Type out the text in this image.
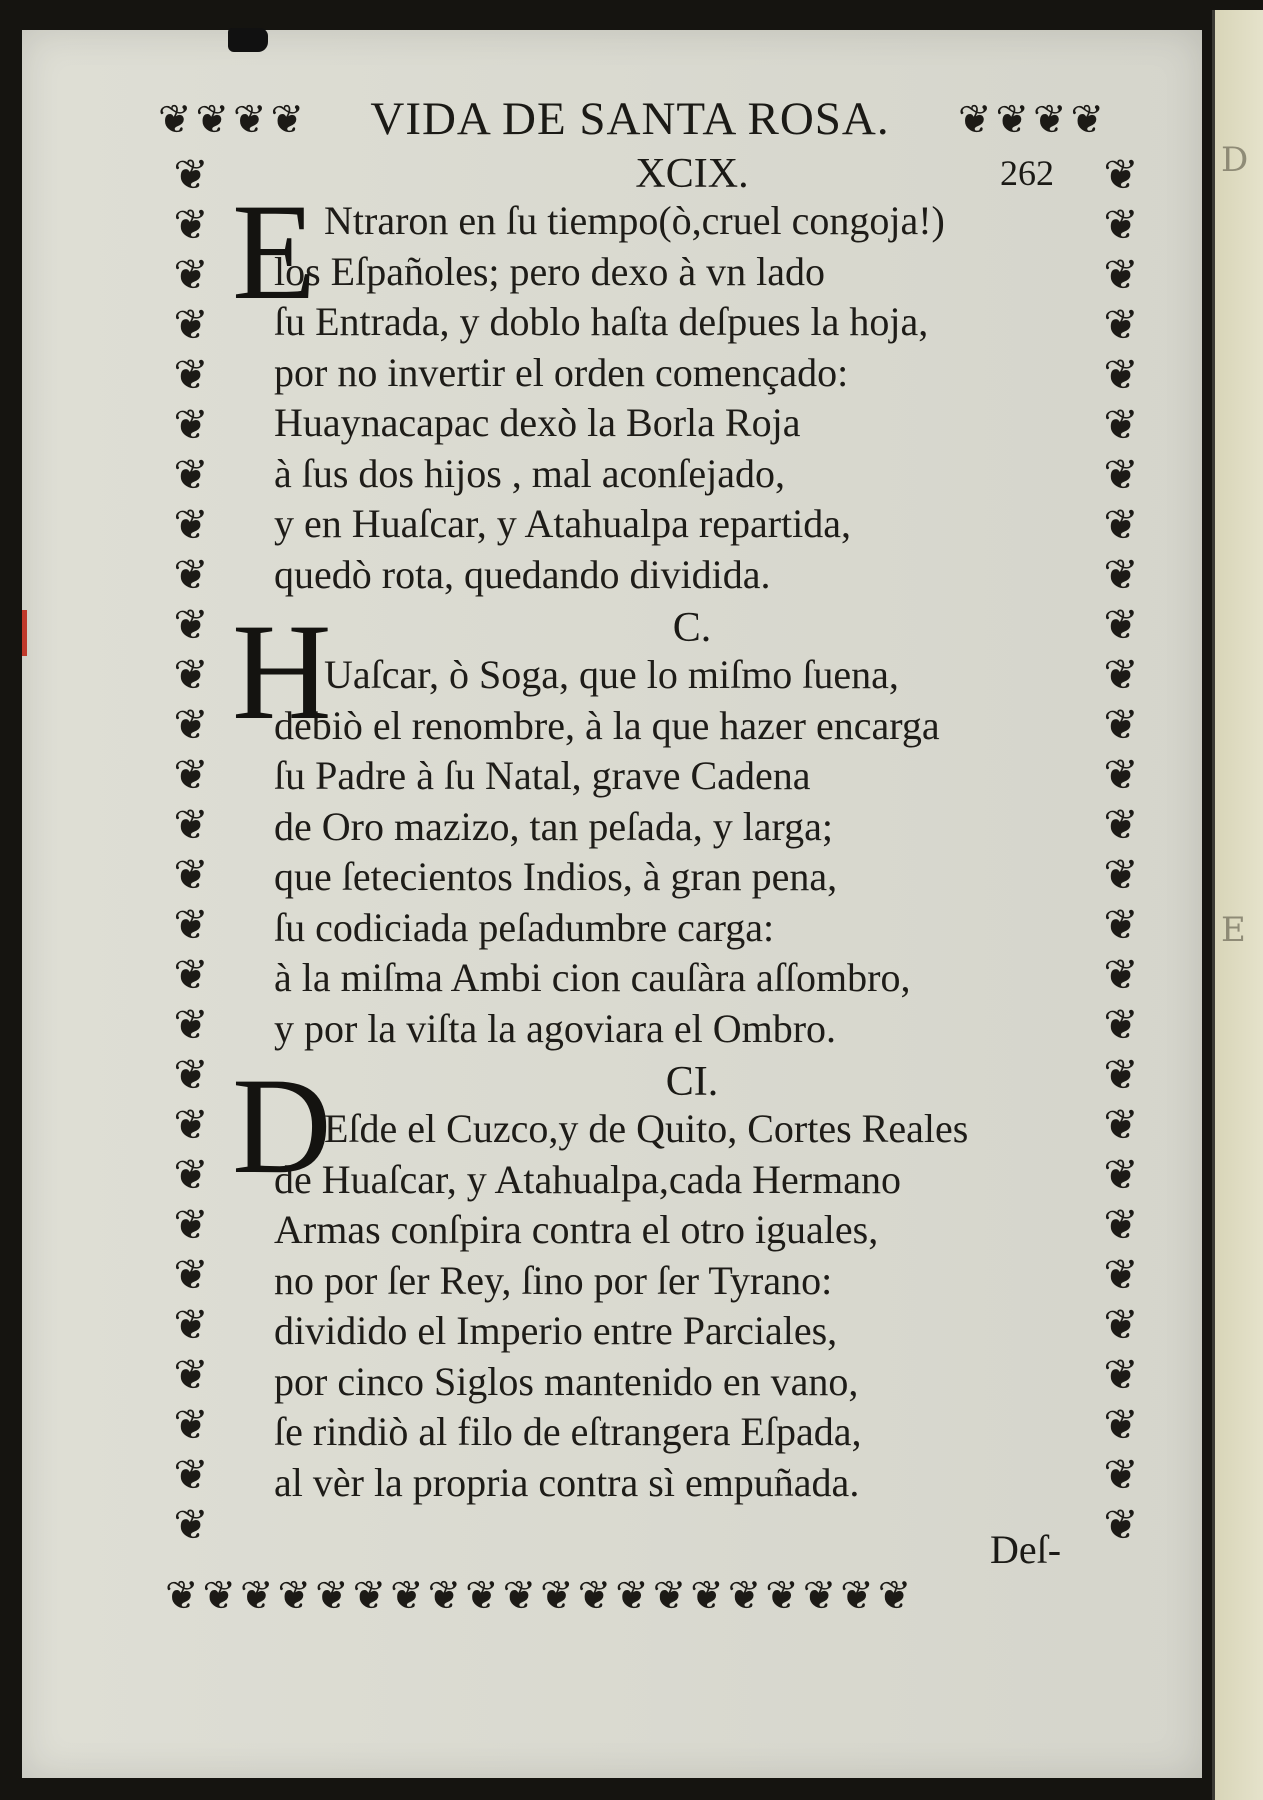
D
E
❦❦❦❦	❦❦❦❦
❦❦❦❦❦❦❦❦❦❦❦❦❦❦❦❦❦❦❦❦
❦❦❦❦❦❦❦❦❦❦❦❦❦❦❦❦❦❦❦❦❦❦❦❦❦❦❦❦
❦❦❦❦❦❦❦❦❦❦❦❦❦❦❦❦❦❦❦❦❦❦❦❦❦❦❦❦
VIDA DE SANTA ROSA.
262
XCIX.
E Ntraron en ſu tiempo(ò,cruel congoja!)
los Eſpañoles; pero dexo à vn lado
ſu Entrada, y doblo haſta deſpues la hoja,
por no invertir el orden començado:
Huaynacapac dexò la Borla Roja
à ſus dos hijos , mal aconſejado,
y en Huaſcar, y Atahualpa repartida,
quedò rota, quedando dividida.
C.
H
Uaſcar, ò Soga, que lo miſmo ſuena,
debiò el renombre, à la que hazer encarga
ſu Padre à ſu Natal, grave Cadena
de Oro mazizo, tan peſada, y larga;
que ſetecientos Indios, à gran pena,
ſu codiciada peſadumbre carga:
à la miſma Ambi cion cauſàra aſſombro,
y por la viſta la agoviara el Ombro.
CI.
D
Eſde el Cuzco,y de Quito, Cortes Reales
de Huaſcar, y Atahualpa,cada Hermano
Armas conſpira contra el otro iguales,
no por ſer Rey, ſino por ſer Tyrano:
dividido el Imperio entre Parciales,
por cinco Siglos mantenido en vano,
ſe rindiò al filo de eſtrangera Eſpada,
al vèr la propria contra sì empuñada.
Deſ-
